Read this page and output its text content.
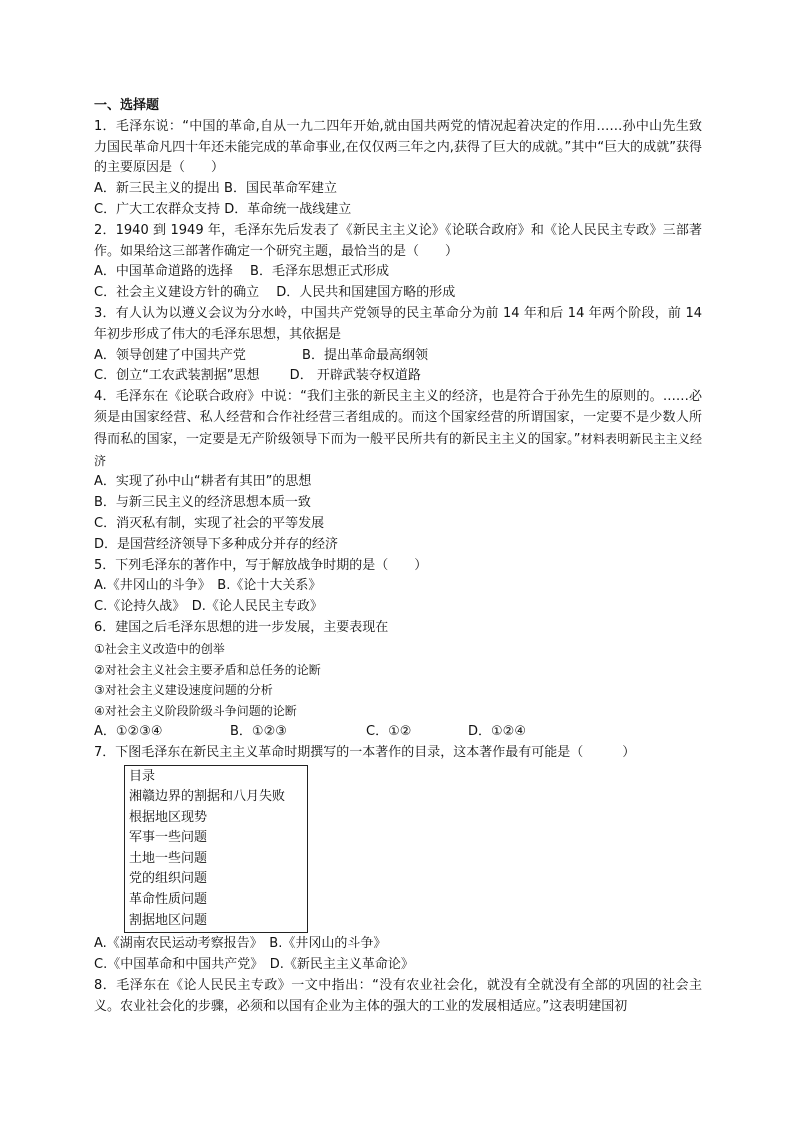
一、选择题

1．毛泽东说：“中国的革命,自从一九二四年开始,就由国共两党的情况起着决定的作用……孙中山先生致力国民革命凡四十年还未能完成的革命事业,在仅仅两三年之内,获得了巨大的成就。”其中“巨大的成就”获得的主要原因是（　　）

A．新三民主义的提出 B．国民革命军建立

C．广大工农群众支持 D．革命统一战线建立

2．1940 到 1949 年，毛泽东先后发表了《新民主主义论》《论联合政府》和《论人民民主专政》三部著作。如果给这三部著作确定一个研究主题，最恰当的是（　　）

A．中国革命道路的选择　 B．毛泽东思想正式形成

C．社会主义建设方针的确立　 D．人民共和国建国方略的形成

3．有人认为以遵义会议为分水岭，中国共产党领导的民主革命分为前 14 年和后 14 年两个阶段，前 14 年初步形成了伟大的毛泽东思想，其依据是

A．领导创建了中国共产党　　　　 B．提出革命最高纲领

C．创立“工农武装割据”思想　　 D． 开辟武装夺权道路

4．毛泽东在《论联合政府》中说：“我们主张的新民主主义的经济，也是符合于孙先生的原则的。……必须是由国家经营、私人经营和合作社经营三者组成的。而这个国家经营的所谓国家，一定要不是少数人所得而私的国家，一定要是无产阶级领导下而为一般平民所共有的新民主主义的国家。”材料表明新民主主义经济

A．实现了孙中山“耕者有其田”的思想

B．与新三民主义的经济思想本质一致

C．消灭私有制，实现了社会的平等发展

D．是国营经济领导下多种成分并存的经济

5．下列毛泽东的著作中，写于解放战争时期的是（　　）

A.《井冈山的斗争》　B.《论十大关系》

C.《论持久战》　D.《论人民民主专政》

6．建国之后毛泽东思想的进一步发展，主要表现在

①社会主义改造中的创举

②对社会主义社会主要矛盾和总任务的论断

③对社会主义建设速度问题的分析

④对社会主义阶段阶级斗争问题的论断

A．①②③④	B．①②③	C．①②	D．①②④

7．下图毛泽东在新民主主义革命时期撰写的一本著作的目录，这本著作最有可能是（　　　）

目录

湘赣边界的割据和八月失败

根据地区现势

军事一些问题

土地一些问题

党的组织问题

革命性质问题

割据地区问题

A.《湖南农民运动考察报告》　B.《井冈山的斗争》

C.《中国革命和中国共产党》　D.《新民主主义革命论》

8．毛泽东在《论人民民主专政》一文中指出：“没有农业社会化，就没有全就没有全部的巩固的社会主义。农业社会化的步骤，必须和以国有企业为主体的强大的工业的发展相适应。”这表明建国初
